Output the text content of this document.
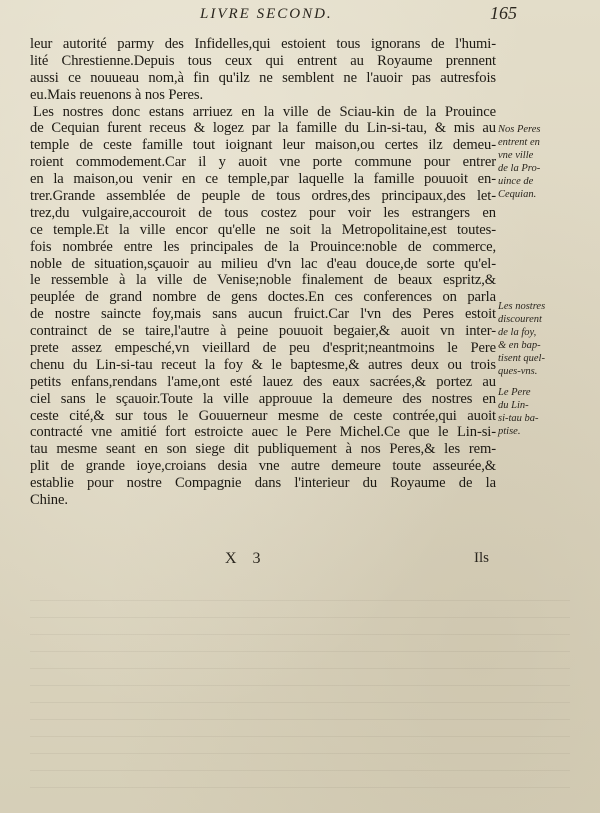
LIVRE SECOND.	165
leur autorité parmy des Infidelles,qui estoient tous ignorans de l'humi-
lité Chrestienne.Depuis tous ceux qui entrent au Royaume prennent
aussi ce nouueau nom,à fin qu'ilz ne semblent ne l'auoir pas autresfois
eu.Mais reuenons à nos Peres.
Les nostres donc estans arriuez en la ville de Sciau-kin de la Prouince
de Cequian furent receus & logez par la famille du Lin-si-tau, & mis au
temple de ceste famille tout ioignant leur maison,ou certes ilz demeu-
roient commodement.Car il y auoit vne porte commune pour entrer
en la maison,ou venir en ce temple,par laquelle la famille pouuoit en-
trer.Grande assemblée de peuple de tous ordres,des principaux,des let-
trez,du vulgaire,accouroit de tous costez pour voir les estrangers en
ce temple.Et la ville encor qu'elle ne soit la Metropolitaine,est toutes-
fois nombrée entre les principales de la Prouince:noble de commerce,
noble de situation,sçauoir au milieu d'vn lac d'eau douce,de sorte qu'el-
le ressemble à la ville de Venise;noble finalement de beaux espritz,&
peuplée de grand nombre de gens doctes.En ces conferences on parla
de nostre saincte foy,mais sans aucun fruict.Car l'vn des Peres estoit
contrainct de se taire,l'autre à peine pouuoit begaier,& auoit vn inter-
prete assez empesché,vn vieillard de peu d'esprit;neantmoins le Pere
chenu du Lin-si-tau receut la foy & le baptesme,& autres deux ou trois
petits enfans,rendans l'ame,ont esté lauez des eaux sacrées,& portez au
ciel sans le sçauoir.Toute la ville approuue la demeure des nostres en
ceste cité,& sur tous le Gouuerneur mesme de ceste contrée,qui auoit
contracté vne amitié fort estroicte auec le Pere Michel.Ce que le Lin-si-
tau mesme seant en son siege dit publiquement à nos Peres,& les rem-
plit de grande ioye,croians desia vne autre demeure toute asseurée,&
establie pour nostre Compagnie dans l'interieur du Royaume de la
Chine.
Nos Peres
entrent en
vne ville
de la Pro-
uince de
Cequian.
Les nostres
discourent
de la foy,
& en bap-
tisent quel-
ques-vns.
Le Pere
du Lin-
si-tau ba-
ptise.
X 3	Ils
